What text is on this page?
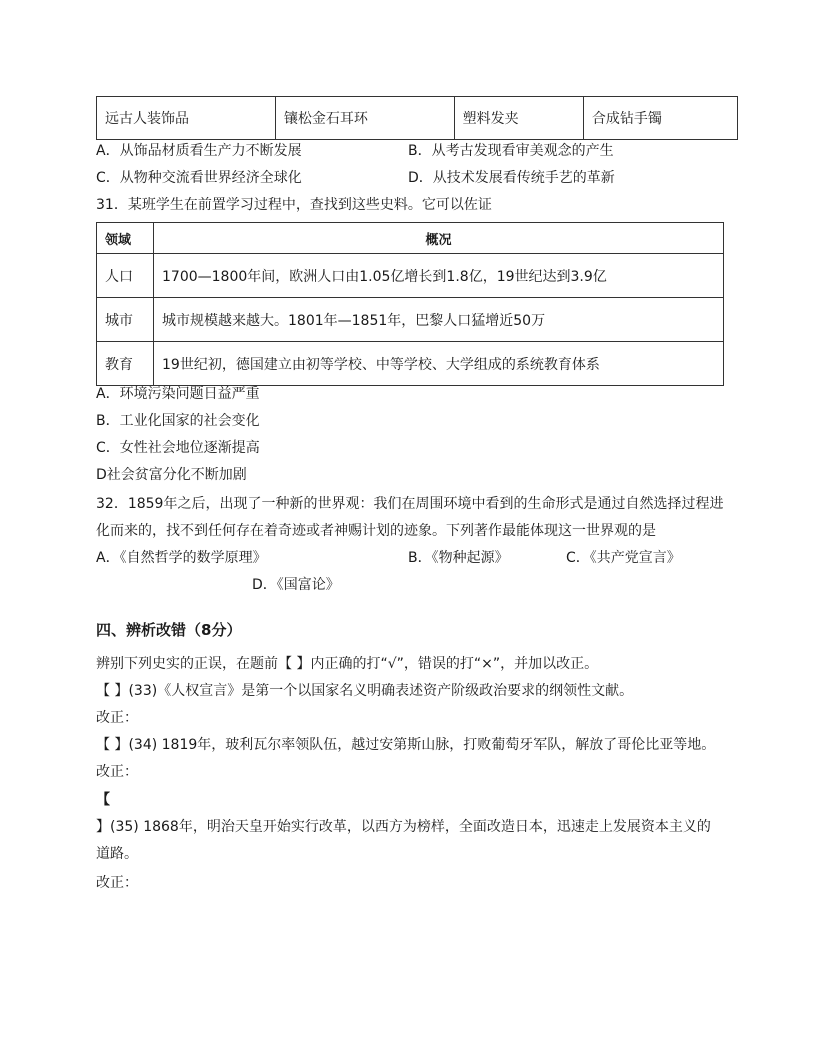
远古人装饰品	镶松金石耳环	塑料发夹	合成钻手镯
A．从饰品材质看生产力不断发展	B．从考古发现看审美观念的产生
C．从物种交流看世界经济全球化	D．从技术发展看传统手艺的革新
31．某班学生在前置学习过程中，查找到这些史料。它可以佐证
领域	概况
人口	1700—1800年间，欧洲人口由1.05亿增长到1.8亿，19世纪达到3.9亿
城市	城市规模越来越大。1801年—1851年，巴黎人口猛增近50万
教育	19世纪初，德国建立由初等学校、中等学校、大学组成的系统教育体系
A．环境污染问题日益严重
B．工业化国家的社会变化
C．女性社会地位逐渐提高
D社会贫富分化不断加剧
32．1859年之后，出现了一种新的世界观：我们在周围环境中看到的生命形式是通过自然选择过程进
化而来的，找不到任何存在着奇迹或者神赐计划的迹象。下列著作最能体现这一世界观的是
A．《自然哲学的数学原理》	B．《物种起源》	C．《共产党宣言》
D．《国富论》
四、辨析改错（8分）
辨别下列史实的正误，在题前【 】内正确的打“√”，错误的打“×”，并加以改正。
【 】(33)《人权宣言》是第一个以国家名义明确表述资产阶级政治要求的纲领性文献。
改正：
【 】(34) 1819年，玻利瓦尔率领队伍，越过安第斯山脉，打败葡萄牙军队，解放了哥伦比亚等地。
改正：
【
】(35) 1868年，明治天皇开始实行改革，以西方为榜样，全面改造日本，迅速走上发展资本主义的
道路。
改正：
